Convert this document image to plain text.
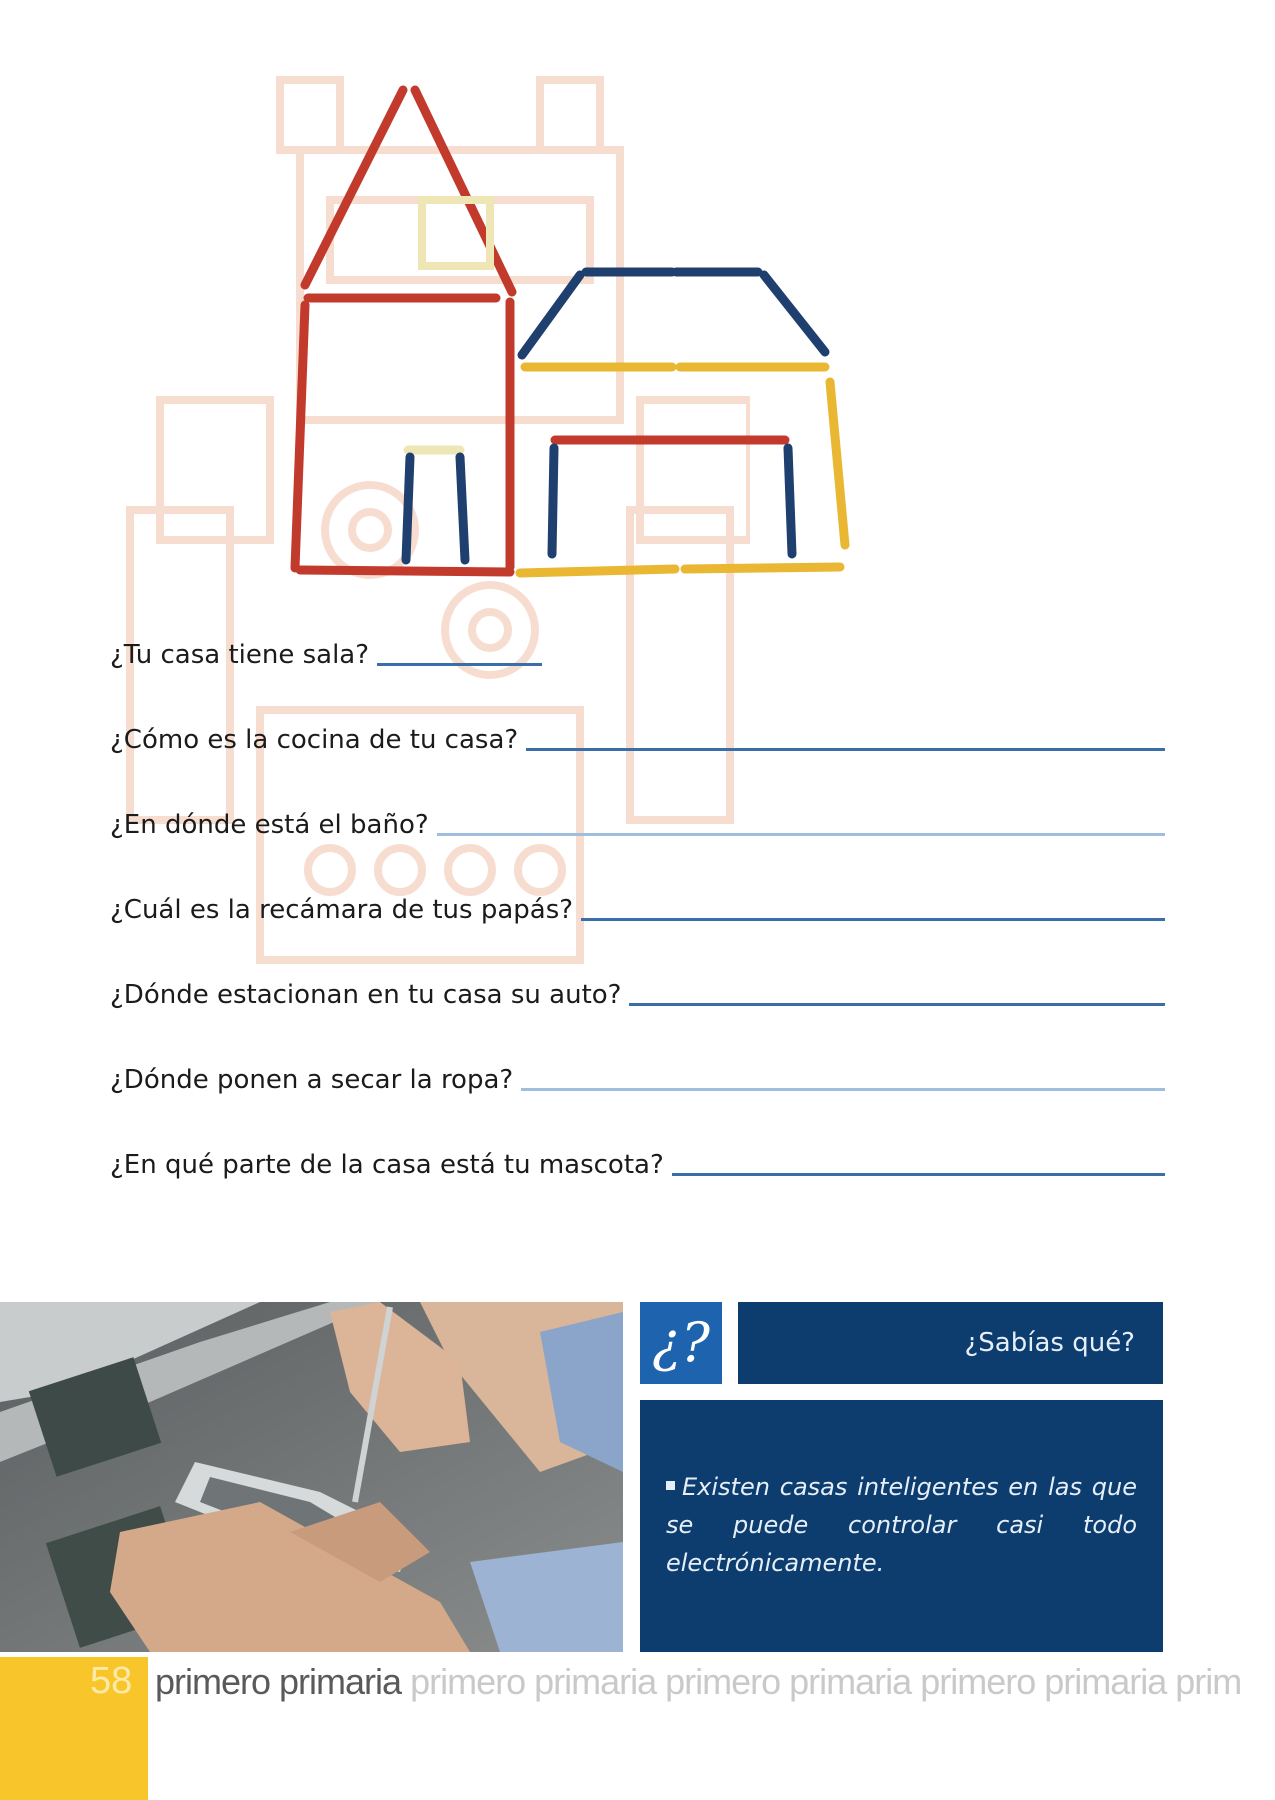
¿Tu casa tiene sala?
¿Cómo es la cocina de tu casa?
¿En dónde está el baño?
¿Cuál es la recámara de tus papás?
¿Dónde estacionan en tu casa su auto?
¿Dónde ponen a secar la ropa?
¿En qué parte de la casa está tu mascota?
¿?	¿Sabías qué?
Existen casas inteligentes en las que se puede controlar casi todo electrónicamente.
58 primero primaria primero primaria primero primaria primero primaria prim
